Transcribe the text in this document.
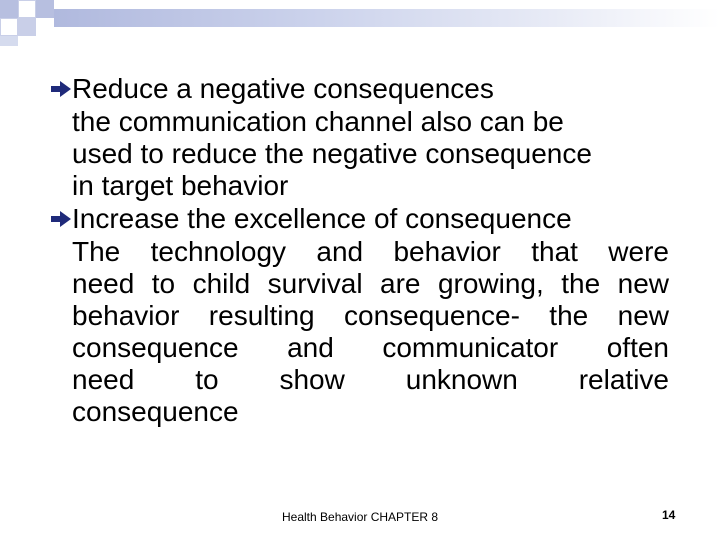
Reduce a negative consequences
the communication channel also can be
used to reduce the negative consequence
in target behavior
Increase the excellence of consequence
The technology and behavior that were
need to child survival are growing, the new
behavior resulting consequence- the new
consequence and communicator often
need to show unknown relative
consequence
Health Behavior CHAPTER 8	14
